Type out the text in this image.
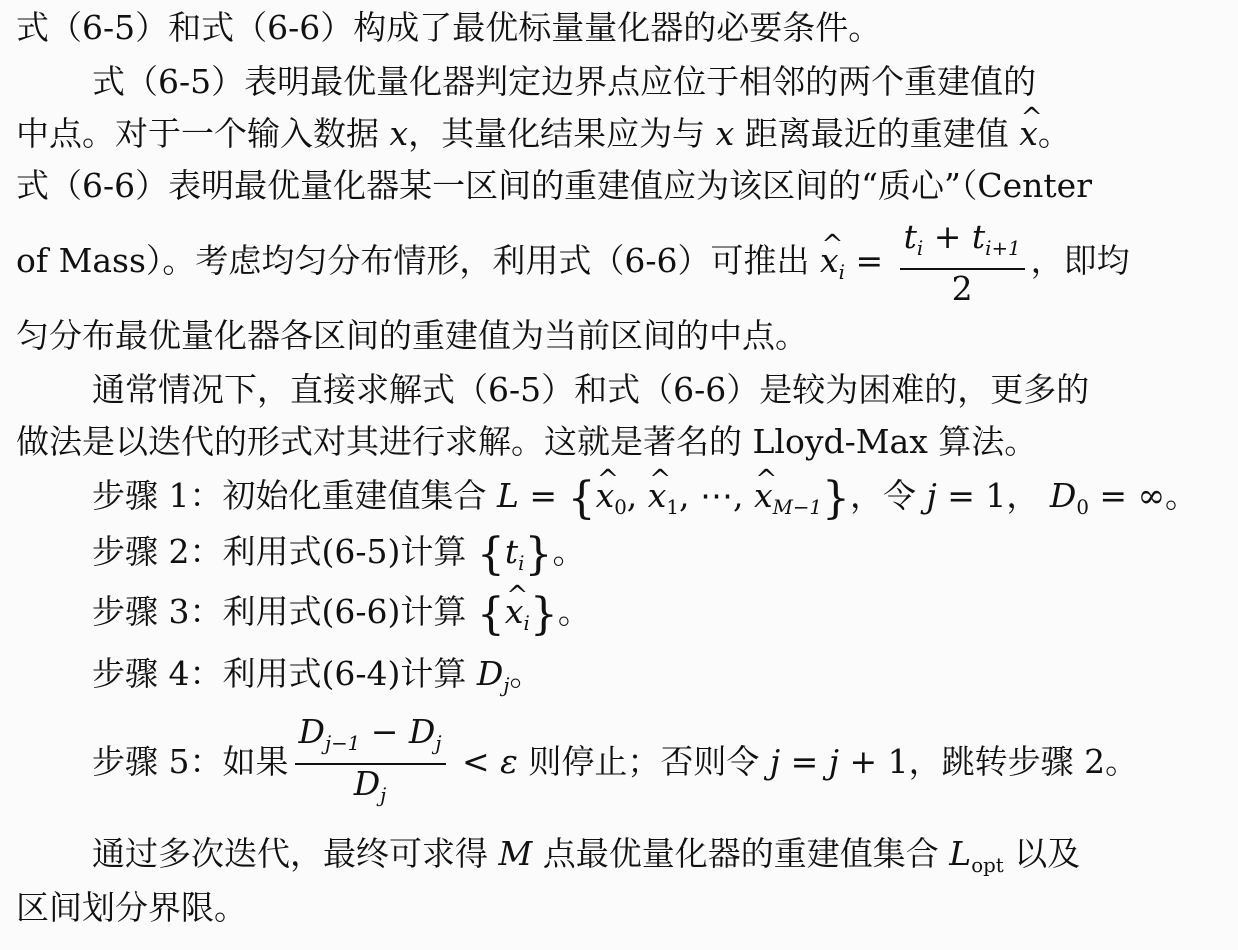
式（6-5）和式（6-6）构成了最优标量量化器的必要条件。
式（6-5）表明最优量化器判定边界点应位于相邻的两个重建值的
中点。对于一个输入数据 x，其量化结果应为与 x 距离最近的重建值 ^ x。
式（6-6）表明最优量化器某一区间的重建值应为该区间的“质心”（Center
of Mass）。考虑均匀分布情形，利用式（6-6）可推出 ^ $x_i = \frac{t_i + t_{i+1}}{2}$ ，即均
匀分布最优量化器各区间的重建值为当前区间的中点。
通常情况下，直接求解式（6-5）和式（6-6）是较为困难的，更多的
做法是以迭代的形式对其进行求解。这就是著名的 Lloyd-Max 算法。
步骤 1：初始化重建值集合 L = {^ $x_0$, ^ $x_1$, ⋯, ^ $x_{M-1}$}，令 j = 1， $D_0$ = ∞。
步骤 2：利用式(6-5)计算 $\{t_i\}$。
步骤 3：利用式(6-6)计算 {^ $x_i$}。
步骤 4：利用式(6-4)计算 $D_j$。
步骤 5：如果 $\frac{D_{j-1} - D_j}{D_j} < \varepsilon$ 则停止；否则令 j = j + 1，跳转步骤 2。
通过多次迭代，最终可求得 M 点最优量化器的重建值集合 $L_{opt}$ 以及
区间划分界限。
